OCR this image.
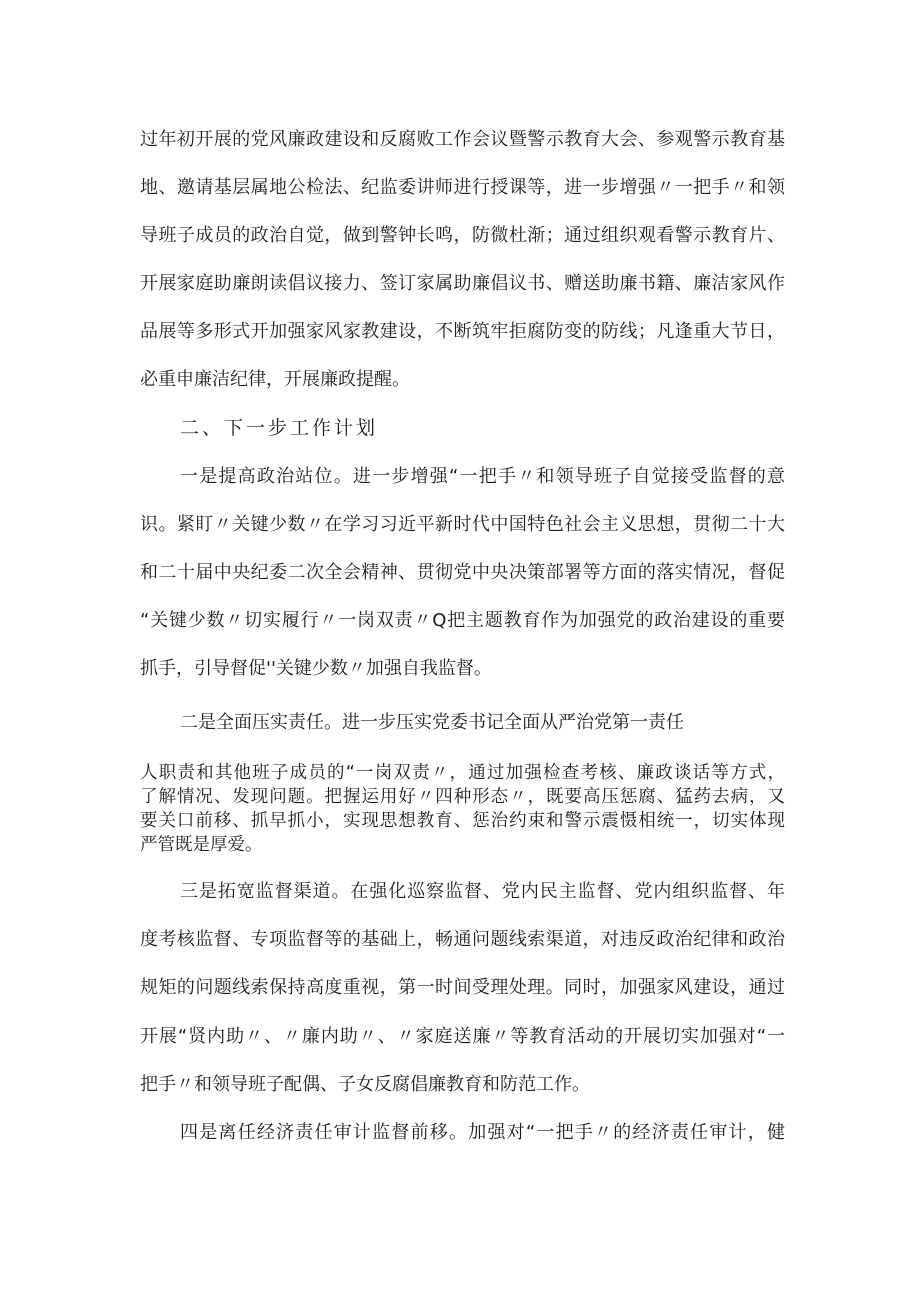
过年初开展的党风廉政建设和反腐败工作会议暨警示教育大会、参观警示教育基
地、邀请基层属地公检法、纪监委讲师进行授课等，进一步增强〃一把手〃和领
导班子成员的政治自觉，做到警钟长鸣，防微杜渐；通过组织观看警示教育片、
开展家庭助廉朗读倡议接力、签订家属助廉倡议书、赠送助廉书籍、廉洁家风作
品展等多形式开加强家风家教建设，不断筑牢拒腐防变的防线；凡逢重大节日，
必重申廉洁纪律，开展廉政提醒。
二、下一步工作计划
一是提高政治站位。进一步增强“一把手〃和领导班子自觉接受监督的意
识。紧盯〃关键少数〃在学习习近平新时代中国特色社会主义思想，贯彻二十大
和二十届中央纪委二次全会精神、贯彻党中央决策部署等方面的落实情况，督促
“关键少数〃切实履行〃一岗双责〃Q把主题教育作为加强党的政治建设的重要
抓手，引导督促''关键少数〃加强自我监督。
二是全面压实责任。进一步压实党委书记全面从严治党第一责任
人职责和其他班子成员的“一岗双责〃，通过加强检查考核、廉政谈话等方式，
了解情况、发现问题。把握运用好〃四种形态〃，既要高压惩腐、猛药去病，又
要关口前移、抓早抓小，实现思想教育、惩治约束和警示震慑相统一，切实体现
严管既是厚爱。
三是拓宽监督渠道。在强化巡察监督、党内民主监督、党内组织监督、年
度考核监督、专项监督等的基础上，畅通问题线索渠道，对违反政治纪律和政治
规矩的问题线索保持高度重视，第一时间受理处理。同时，加强家风建设，通过
开展“贤内助〃、〃廉内助〃、〃家庭送廉〃等教育活动的开展切实加强对“一
把手〃和领导班子配偶、子女反腐倡廉教育和防范工作。
四是离任经济责任审计监督前移。加强对“一把手〃的经济责任审计，健
